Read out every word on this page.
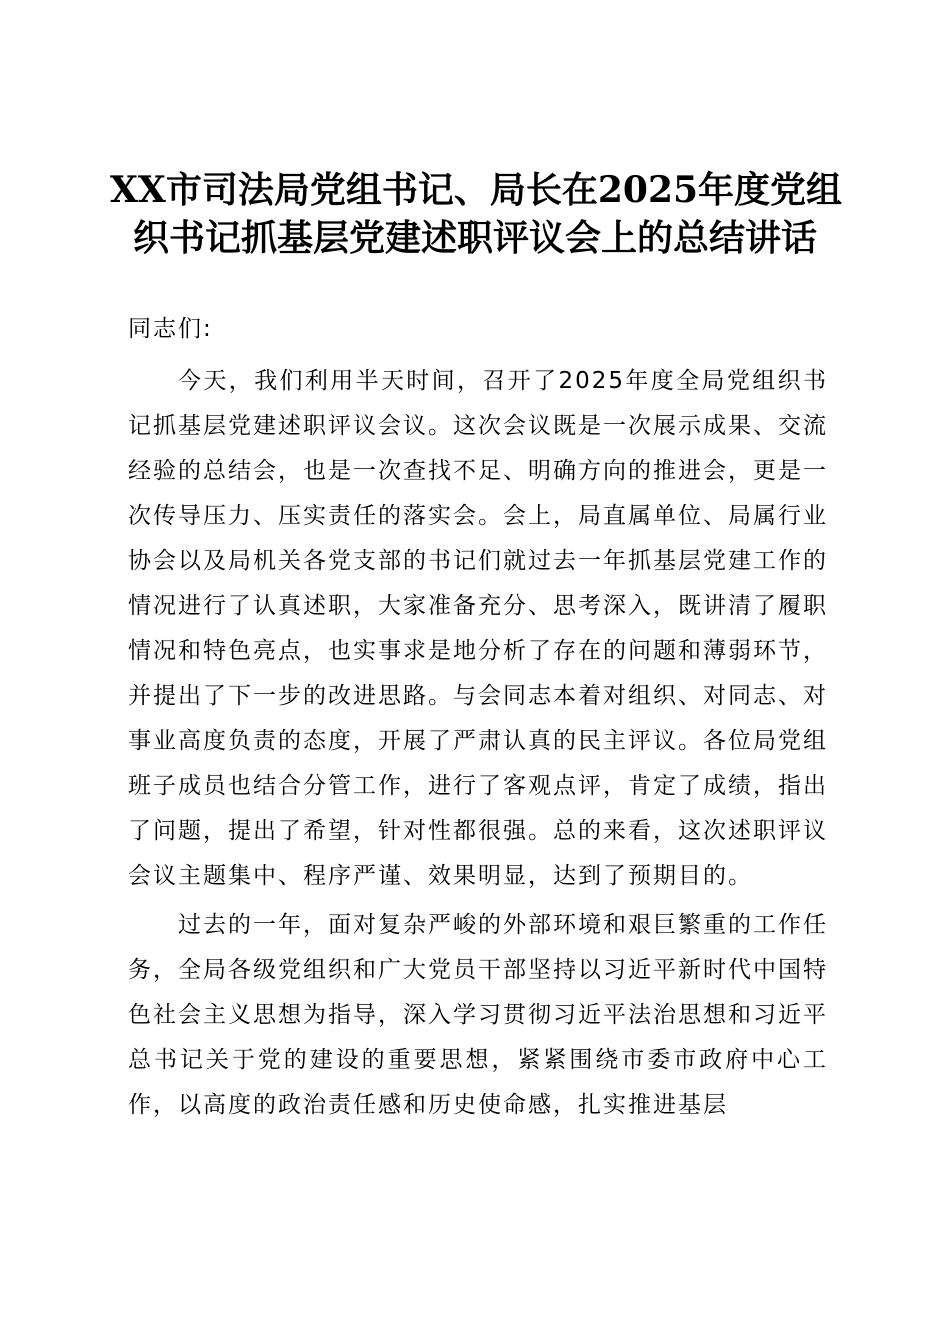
XX市司法局党组书记、局长在2025年度党组
织书记抓基层党建述职评议会上的总结讲话

同志们:

今天，我们利用半天时间，召开了2025年度全局党组织书记抓基层党建述职评议会议。这次会议既是一次展示成果、交流经验的总结会，也是一次查找不足、明确方向的推进会，更是一次传导压力、压实责任的落实会。会上，局直属单位、局属行业协会以及局机关各党支部的书记们就过去一年抓基层党建工作的情况进行了认真述职，大家准备充分、思考深入，既讲清了履职情况和特色亮点，也实事求是地分析了存在的问题和薄弱环节，并提出了下一步的改进思路。与会同志本着对组织、对同志、对事业高度负责的态度，开展了严肃认真的民主评议。各位局党组班子成员也结合分管工作，进行了客观点评，肯定了成绩，指出了问题，提出了希望，针对性都很强。总的来看，这次述职评议会议主题集中、程序严谨、效果明显，达到了预期目的。

过去的一年，面对复杂严峻的外部环境和艰巨繁重的工作任务，全局各级党组织和广大党员干部坚持以习近平新时代中国特色社会主义思想为指导，深入学习贯彻习近平法治思想和习近平总书记关于党的建设的重要思想，紧紧围绕市委市政府中心工作，以高度的政治责任感和历史使命感，扎实推进基层
